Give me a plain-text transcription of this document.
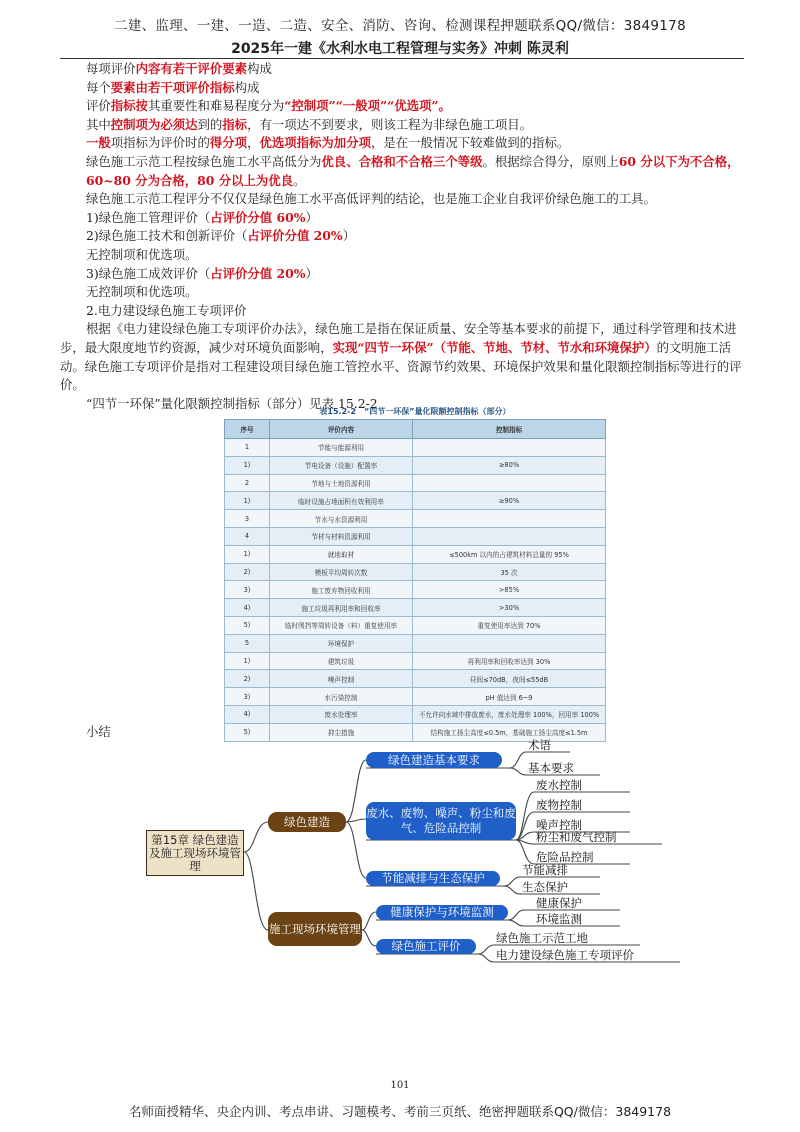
二建、监理、一建、一造、二造、安全、消防、咨询、检测课程押题联系QQ/微信：3849178
2025年一建《水利水电工程管理与实务》冲刺 陈灵利

每项评价内容有若干评价要素构成

每个要素由若干项评价指标构成

评价指标按其重要性和难易程度分为“控制项”“一般项”“优选项”。

其中控制项为必须达到的指标，有一项达不到要求，则该工程为非绿色施工项目。

一般项指标为评价时的得分项，优选项指标为加分项，是在一般情况下较难做到的指标。

绿色施工示范工程按绿色施工水平高低分为优良、合格和不合格三个等级。根据综合得分，原则上60 分以下为不合格，60~80 分为合格，80 分以上为优良。

绿色施工示范工程评分不仅仅是绿色施工水平高低评判的结论，也是施工企业自我评价绿色施工的工具。

1)绿色施工管理评价（占评价分值 60%）

2)绿色施工技术和创新评价（占评价分值 20%）

无控制项和优选项。

3)绿色施工成效评价（占评价分值 20%）

无控制项和优选项。

2.电力建设绿色施工专项评价

根据《电力建设绿色施工专项评价办法》，绿色施工是指在保证质量、安全等基本要求的前提下，通过科学管理和技术进步，最大限度地节约资源，减少对环境负面影响，实现“四节一环保”（节能、节地、节材、节水和环境保护）的文明施工活动。绿色施工专项评价是指对工程建设项目绿色施工管控水平、资源节约效果、环境保护效果和量化限额控制指标等进行的评价。

“四节一环保”量化限额控制指标（部分）见表 15.2-2

表15.2-2　“四节一环保”量化限额控制指标（部分）
序号	评价内容	控制指标
1	节能与能源利用	
1)	节电设备（设施）配置率	≥80%
2	节地与土地资源利用	
1)	临时设施占地面积有效利用率	≥90%
3	节水与水资源利用	
4	节材与材料资源利用	
1)	就地取材	≤500km 以内的占建筑材料总量的 95%
2)	模板平均周转次数	35 次
3)	施工废弃物回收利用	>85%
4)	施工垃圾再利用率和回收率	>30%
5)	临时围挡等周转设备（料）重复使用率	重复使用率达到 70%
5	环境保护	
1)	建筑垃圾	再利用率和回收率达到 30%
2)	噪声控制	昼间≤70dB，夜间≤55dB
3)	水污染控制	pH 值达到 6~9
4)	废水处理率	不允许向水域中排放废水，废水处理率 100%，回用率 100%
5)	抑尘措施	结构施工扬尘高度≤0.5m，基础施工扬尘高度≤1.5m
小结
第15章 绿色建造及施工现场环境管理
绿色建造
施工现场环境管理
绿色建造基本要求
废水、废物、噪声、粉尘和废气、危险品控制
节能减排与生态保护
健康保护与环境监测
绿色施工评价
术语
基本要求
废水控制
废物控制
噪声控制
粉尘和废气控制
危险品控制
节能减排
生态保护
健康保护
环境监测
绿色施工示范工地
电力建设绿色施工专项评价
101
名师面授精华、央企内训、考点串讲、习题模考、考前三页纸、绝密押题联系QQ/微信：3849178
